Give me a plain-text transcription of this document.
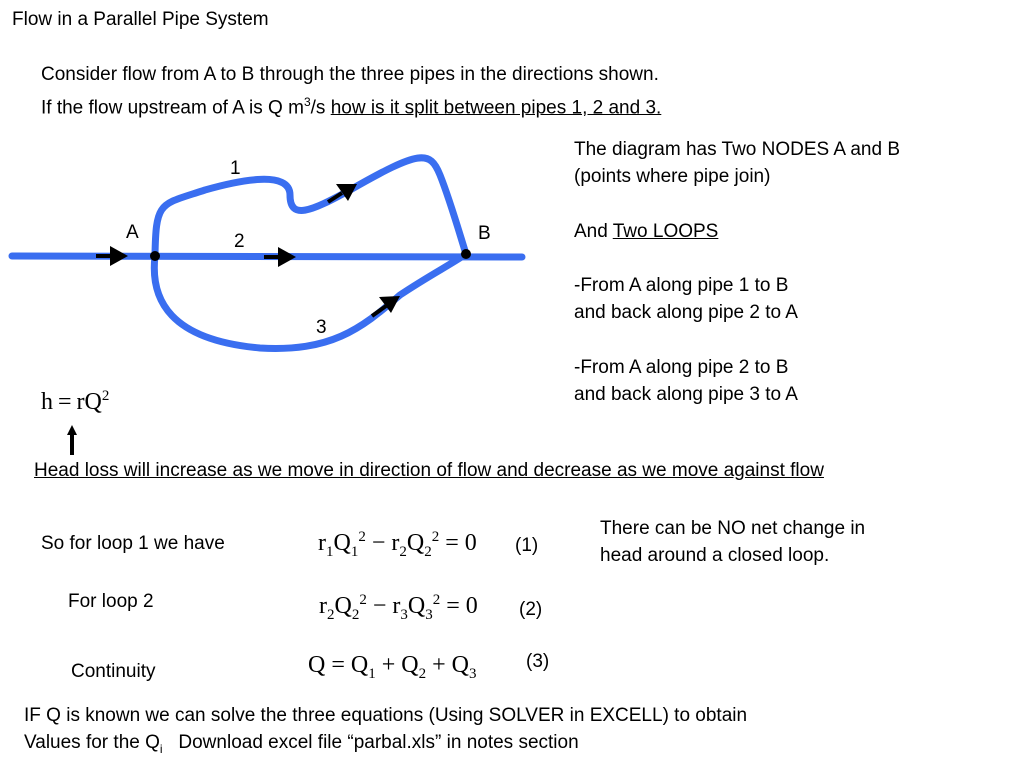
Flow in a Parallel Pipe System
Consider flow from A to B through the three pipes in the directions shown.
If the flow upstream of A is Q $m^3/s$ how is it split between pipes 1, 2 and 3.
A	B
1
2
3
The diagram has Two NODES A and B
(points where pipe join)
And Two LOOPS
-From A along pipe 1 to B
and back along pipe 2 to A
-From A along pipe 2 to B
and back along pipe 3 to A
$h = rQ^2$
Head loss will increase as we move in direction of flow and decrease as we move against flow
So for loop 1 we have	$r_1Q_1^2 - r_2Q_2^2 = 0$ (1)
There can be NO net change in
head around a closed loop.
For loop 2	$r_2Q_2^2 - r_3Q_3^2 = 0$ (2)
Continuity	$Q = Q_1 + Q_2 + Q_3$
(3)
IF Q is known we can solve the three equations (Using SOLVER in EXCELL) to obtain
Values for the $Q_i$   Download excel file “parbal.xls” in notes section
